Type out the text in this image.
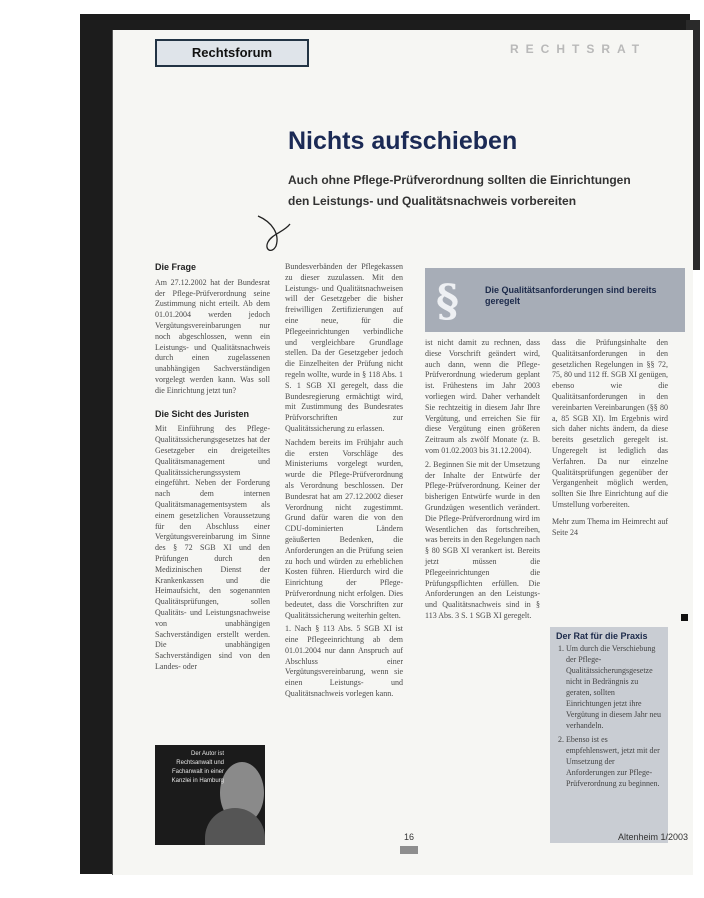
Rechtsforum	RECHTSRAT
Nichts aufschieben
Auch ohne Pflege-Prüfverordnung sollten die Einrichtungen den Leistungs- und Qualitätsnachweis vorbereiten
Die Frage

Am 27.12.2002 hat der Bundesrat der Pflege-Prüfverordnung seine Zustimmung nicht erteilt. Ab dem 01.01.2004 werden jedoch Vergütungsvereinbarungen nur noch abgeschlossen, wenn ein Leistungs- und Qualitätsnachweis durch einen zugelassenen unabhängigen Sachverständigen vorgelegt werden kann. Was soll die Einrichtung jetzt tun?

Die Sicht des Juristen

Mit Einführung des Pflege-Qualitätssicherungsgesetzes hat der Gesetzgeber ein dreigeteiltes Qualitätsmanagement und Qualitätssicherungssystem eingeführt. Neben der Forderung nach dem internen Qualitätsmanagementsystem als einem gesetzlichen Voraussetzung für den Abschluss einer Vergütungsvereinbarung im Sinne des § 72 SGB XI und den Prüfungen durch den Medizinischen Dienst der Krankenkassen und die Heimaufsicht, den sogenannten Qualitätsprüfungen, sollen Qualitäts- und Leistungsnachweise von unabhängigen Sachverständigen erstellt werden. Die unabhängigen Sachverständigen sind von den Landes- oder

Der Autor ist Rechtsanwalt und Fachanwalt in einer Kanzlei in Hamburg

Bundesverbänden der Pflegekassen zu dieser zuzulassen. Mit den Leistungs- und Qualitätsnachweisen will der Gesetzgeber die bisher freiwilligen Zertifizierungen auf eine neue, für die Pflegeeinrichtungen verbindliche und vergleichbare Grundlage stellen. Da der Gesetzgeber jedoch die Einzelheiten der Prüfung nicht regeln wollte, wurde in § 118 Abs. 1 S. 1 SGB XI geregelt, dass die Bundesregierung ermächtigt wird, mit Zustimmung des Bundesrates Prüfvorschriften zur Qualitätssicherung zu erlassen.

Nachdem bereits im Frühjahr auch die ersten Vorschläge des Ministeriums vorgelegt wurden, wurde die Pflege-Prüfverordnung als Verordnung beschlossen. Der Bundesrat hat am 27.12.2002 dieser Verordnung nicht zugestimmt. Grund dafür waren die von den CDU-dominierten Ländern geäußerten Bedenken, die Anforderungen an die Prüfung seien zu hoch und würden zu erheblichen Kosten führen. Hierdurch wird die Einrichtung der Pflege-Prüfverordnung nicht erfolgen. Dies bedeutet, dass die Vorschriften zur Qualitätssicherung weiterhin gelten.

1. Nach § 113 Abs. 5 SGB XI ist eine Pflegeeinrichtung ab dem 01.01.2004 nur dann Anspruch auf Abschluss einer Vergütungsvereinbarung, wenn sie einen Leistungs- und Qualitätsnachweis vorlegen kann.

§	Die Qualitätsanforderungen sind bereits geregelt

ist nicht damit zu rechnen, dass diese Vorschrift geändert wird, auch dann, wenn die Pflege-Prüfverordnung wiederum geplant ist. Frühestens im Jahr 2003 vorliegen wird. Daher verhandelt Sie rechtzeitig in diesem Jahr Ihre Vergütung, und erreichen Sie für diese Vergütung einen größeren Zeitraum als zwölf Monate (z. B. vom 01.02.2003 bis 31.12.2004).

2. Beginnen Sie mit der Umsetzung der Inhalte der Entwürfe der Pflege-Prüfverordnung. Keiner der bisherigen Entwürfe wurde in den Grundzügen wesentlich verändert. Die Pflege-Prüfverordnung wird im Wesentlichen das fortschreiben, was bereits in den Regelungen nach § 80 SGB XI verankert ist. Bereits jetzt müssen die Pflegeeinrichtungen die Prüfungspflichten erfüllen. Die Anforderungen an den Leistungs- und Qualitätsnachweis sind in § 113 Abs. 3 S. 1 SGB XI geregelt.

dass die Prüfungsinhalte den Qualitätsanforderungen in den gesetzlichen Regelungen in §§ 72, 75, 80 und 112 ff. SGB XI genügen, ebenso wie die Qualitätsanforderungen in den vereinbarten Vereinbarungen (§§ 80 a, 85 SGB XI). Im Ergebnis wird sich daher nichts ändern, da diese bereits gesetzlich geregelt ist. Ungeregelt ist lediglich das Verfahren. Da nur einzelne Qualitätsprüfungen gegenüber der Vergangenheit möglich werden, sollten Sie Ihre Einrichtung auf die Umstellung vorbereiten.

Mehr zum Thema im Heimrecht auf Seite 24

Der Rat für die Praxis
1. Um durch die Verschiebung der Pflege-Qualitätssicherungsgesetze nicht in Bedrängnis zu geraten, sollten Einrichtungen jetzt ihre Vergütung in diesem Jahr neu verhandeln.
2. Ebenso ist es empfehlenswert, jetzt mit der Umsetzung der Anforderungen zur Pflege-Prüfverordnung zu beginnen.
16	Altenheim 1/2003
